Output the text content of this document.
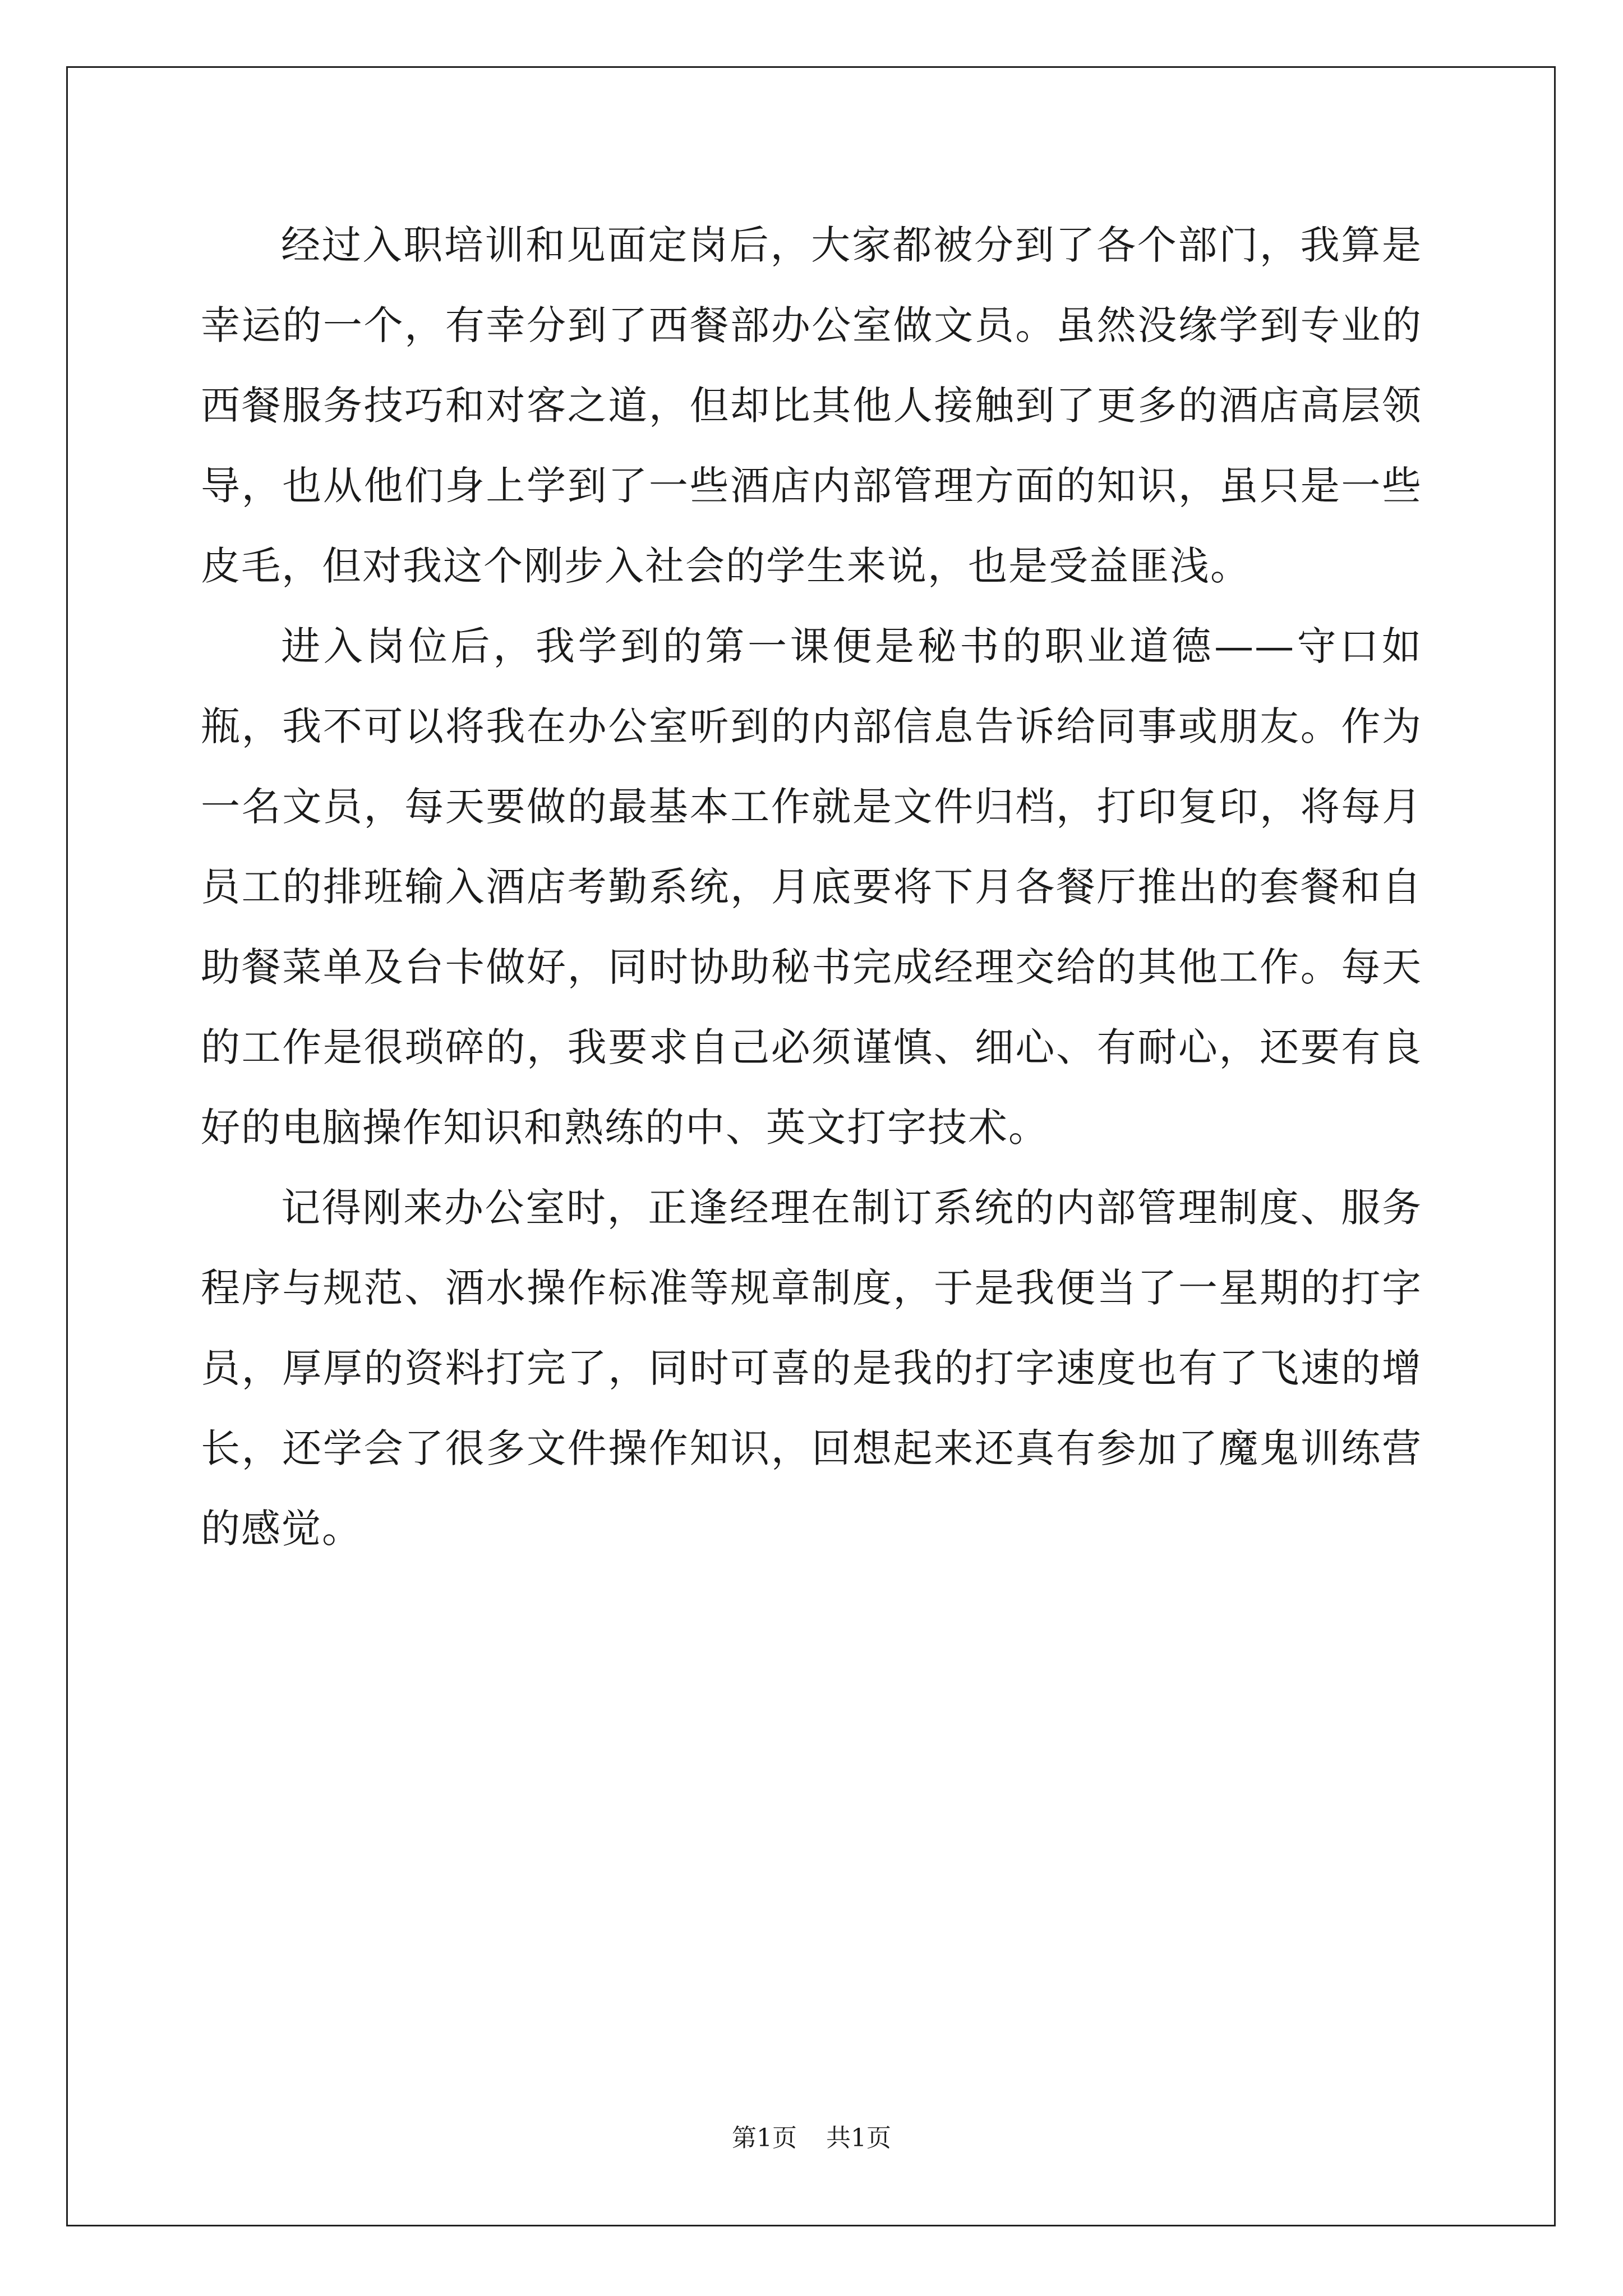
经过入职培训和见面定岗后，大家都被分到了各个部门，我算是幸运的一个，有幸分到了西餐部办公室做文员。虽然没缘学到专业的西餐服务技巧和对客之道，但却比其他人接触到了更多的酒店高层领导，也从他们身上学到了一些酒店内部管理方面的知识，虽只是一些皮毛，但对我这个刚步入社会的学生来说，也是受益匪浅。

进入岗位后，我学到的第一课便是秘书的职业道德——守口如瓶，我不可以将我在办公室听到的内部信息告诉给同事或朋友。作为一名文员，每天要做的最基本工作就是文件归档，打印复印，将每月员工的排班输入酒店考勤系统，月底要将下月各餐厅推出的套餐和自助餐菜单及台卡做好，同时协助秘书完成经理交给的其他工作。每天的工作是很琐碎的，我要求自己必须谨慎、细心、有耐心，还要有良好的电脑操作知识和熟练的中、英文打字技术。

记得刚来办公室时，正逢经理在制订系统的内部管理制度、服务程序与规范、酒水操作标准等规章制度，于是我便当了一星期的打字员，厚厚的资料打完了，同时可喜的是我的打字速度也有了飞速的增长，还学会了很多文件操作知识，回想起来还真有参加了魔鬼训练营的感觉。

第1页 共1页
